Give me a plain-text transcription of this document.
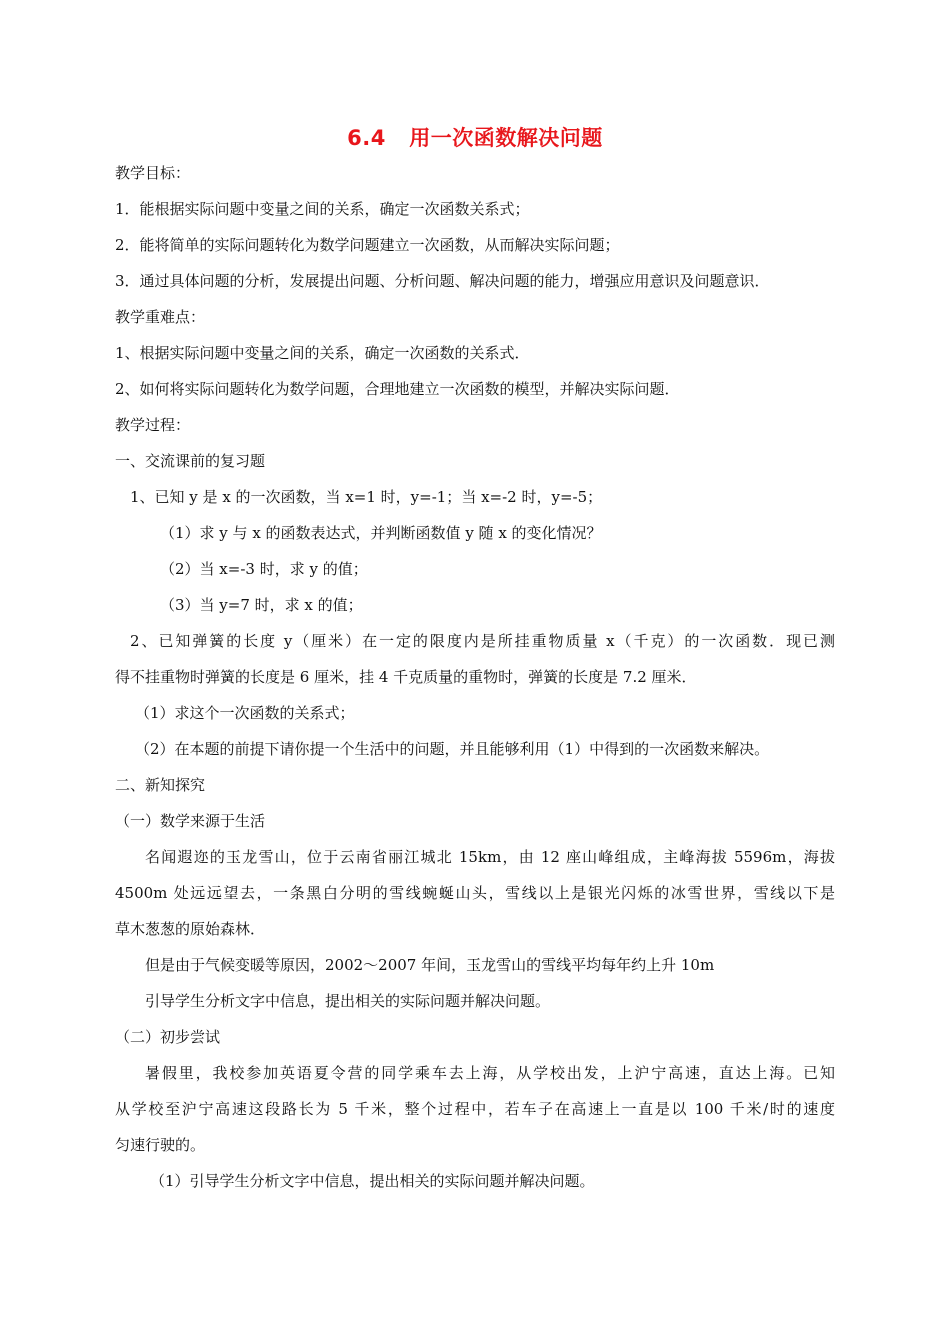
6.4   用一次函数解决问题
教学目标：
1．能根据实际问题中变量之间的关系，确定一次函数关系式；
2．能将简单的实际问题转化为数学问题建立一次函数，从而解决实际问题；
3．通过具体问题的分析，发展提出问题、分析问题、解决问题的能力，增强应用意识及问题意识．
教学重难点：
1、根据实际问题中变量之间的关系，确定一次函数的关系式．
2、如何将实际问题转化为数学问题，合理地建立一次函数的模型，并解决实际问题．
教学过程：
一、交流课前的复习题
1、已知 y 是 x 的一次函数，当 x=1 时，y=-1；当 x=-2 时，y=-5；
（1）求 y 与 x 的函数表达式，并判断函数值 y 随 x 的变化情况？
（2）当 x=-3 时，求 y 的值；
（3）当 y=7 时，求 x 的值；
2、已知弹簧的长度 y（厘米）在一定的限度内是所挂重物质量 x（千克）的一次函数．现已测
得不挂重物时弹簧的长度是 6 厘米，挂 4 千克质量的重物时，弹簧的长度是 7.2 厘米．
（1）求这个一次函数的关系式；
（2）在本题的前提下请你提一个生活中的问题，并且能够利用（1）中得到的一次函数来解决。
二、新知探究
（一）数学来源于生活
名闻遐迩的玉龙雪山，位于云南省丽江城北 15km，由 12 座山峰组成，主峰海拔 5596m，海拔
4500m 处远远望去，一条黑白分明的雪线蜿蜒山头，雪线以上是银光闪烁的冰雪世界，雪线以下是
草木葱葱的原始森林．
但是由于气候变暖等原因，2002～2007 年间，玉龙雪山的雪线平均每年约上升 10m
引导学生分析文字中信息，提出相关的实际问题并解决问题。
（二）初步尝试
暑假里，我校参加英语夏令营的同学乘车去上海，从学校出发，上沪宁高速，直达上海。已知
从学校至沪宁高速这段路长为 5 千米，整个过程中，若车子在高速上一直是以 100 千米/时的速度
匀速行驶的。
（1）引导学生分析文字中信息，提出相关的实际问题并解决问题。
